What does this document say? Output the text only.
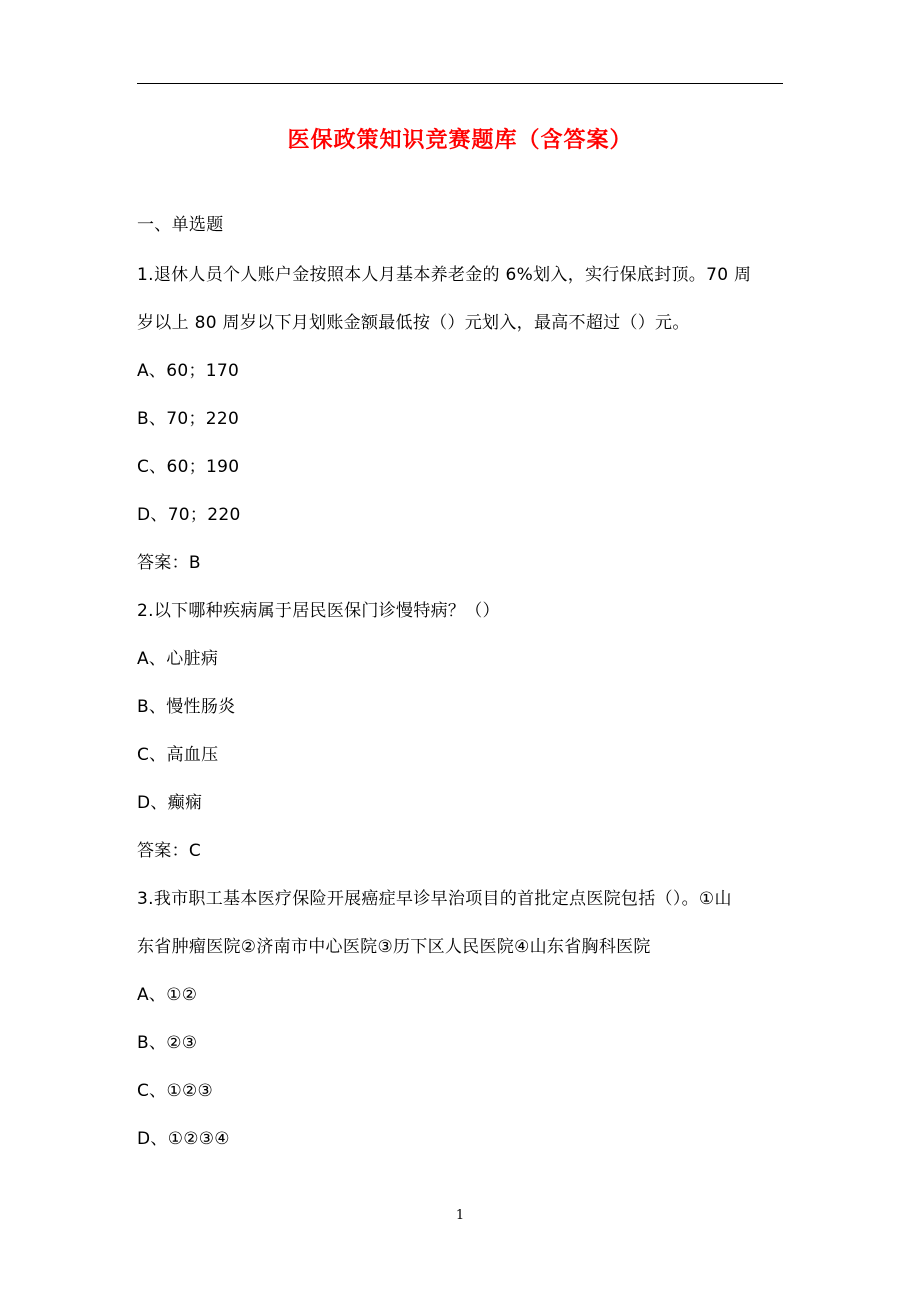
医保政策知识竞赛题库（含答案）
一、单选题
1.退休人员个人账户金按照本人月基本养老金的 6%划入，实行保底封顶。70 周
岁以上 80 周岁以下月划账金额最低按（）元划入，最高不超过（）元。
A、60；170
B、70；220
C、60；190
D、70；220
答案：B
2.以下哪种疾病属于居民医保门诊慢特病？（）
A、心脏病
B、慢性肠炎
C、高血压
D、癫痫
答案：C
3.我市职工基本医疗保险开展癌症早诊早治项目的首批定点医院包括（）。①山
东省肿瘤医院②济南市中心医院③历下区人民医院④山东省胸科医院
A、①②
B、②③
C、①②③
D、①②③④
1
